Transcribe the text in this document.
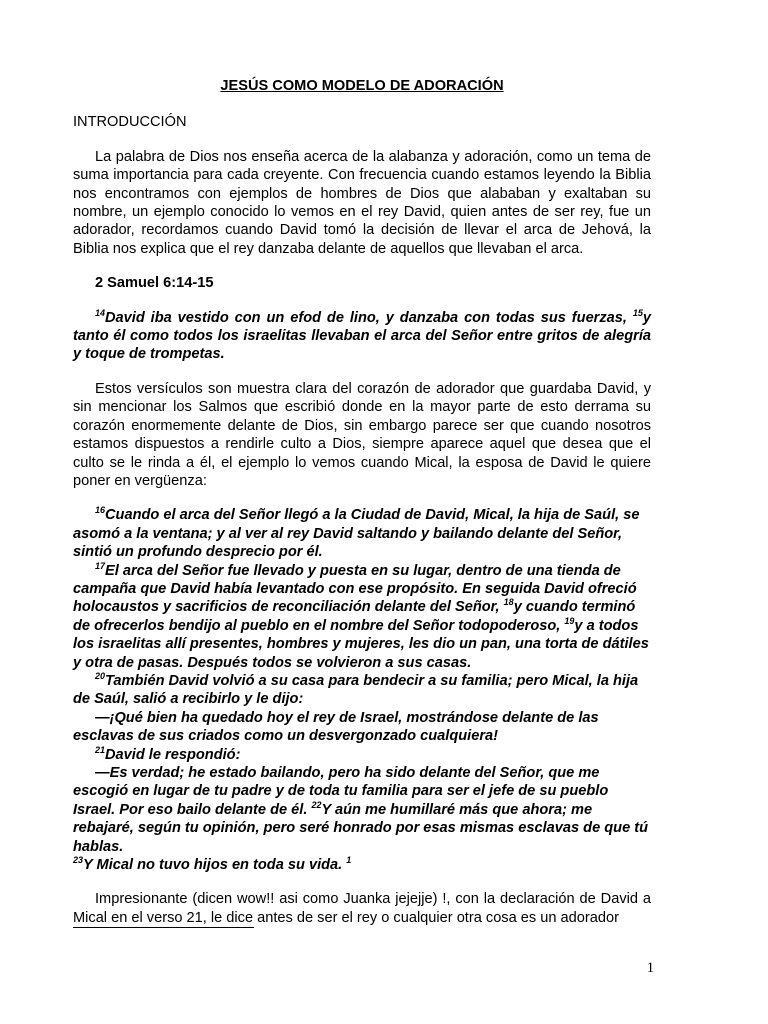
JESÚS COMO MODELO DE ADORACIÓN
INTRODUCCIÓN
La palabra de Dios nos enseña acerca de la alabanza y adoración, como un tema de suma importancia para cada creyente. Con frecuencia cuando estamos leyendo la Biblia nos encontramos con ejemplos de hombres de Dios que alababan y exaltaban su nombre, un ejemplo conocido lo vemos en el rey David, quien antes de ser rey, fue un adorador, recordamos cuando David tomó la decisión de llevar el arca de Jehová, la Biblia nos explica que el rey danzaba delante de aquellos que llevaban el arca.
2 Samuel 6:14-15
$^{14}$David iba vestido con un efod de lino, y danzaba con todas sus fuerzas, $^{15}$y tanto él como todos los israelitas llevaban el arca del Señor entre gritos de alegría y toque de trompetas.
Estos versículos son muestra clara del corazón de adorador que guardaba David, y sin mencionar los Salmos que escribió donde en la mayor parte de esto derrama su corazón enormemente delante de Dios, sin embargo parece ser que cuando nosotros estamos dispuestos a rendirle culto a Dios, siempre aparece aquel que desea que el culto se le rinda a él, el ejemplo lo vemos cuando Mical, la esposa de David le quiere poner en vergüenza:
$^{16}$Cuando el arca del Señor llegó a la Ciudad de David, Mical, la hija de Saúl, se asomó a la ventana; y al ver al rey David saltando y bailando delante del Señor, sintió un profundo desprecio por él.
$^{17}$El arca del Señor fue llevado y puesta en su lugar, dentro de una tienda de campaña que David había levantado con ese propósito. En seguida David ofreció holocaustos y sacrificios de reconciliación delante del Señor, $^{18}$y cuando terminó de ofrecerlos bendijo al pueblo en el nombre del Señor todopoderoso, $^{19}$y a todos los israelitas allí presentes, hombres y mujeres, les dio un pan, una torta de dátiles y otra de pasas. Después todos se volvieron a sus casas.
$^{20}$También David volvió a su casa para bendecir a su familia; pero Mical, la hija de Saúl, salió a recibirlo y le dijo:
—¡Qué bien ha quedado hoy el rey de Israel, mostrándose delante de las esclavas de sus criados como un desvergonzado cualquiera!
$^{21}$David le respondió:
—Es verdad; he estado bailando, pero ha sido delante del Señor, que me escogió en lugar de tu padre y de toda tu familia para ser el jefe de su pueblo Israel. Por eso bailo delante de él. $^{22}$Y aún me humillaré más que ahora; me rebajaré, según tu opinión, pero seré honrado por esas mismas esclavas de que tú hablas.
$^{23}$Y Mical no tuvo hijos en toda su vida. $^1$
Impresionante (dicen wow!! asi como Juanka jejejje) !, con la declaración de David a Mical en el verso 21, le dice antes de ser el rey o cualquier otra cosa es un adorador
1
